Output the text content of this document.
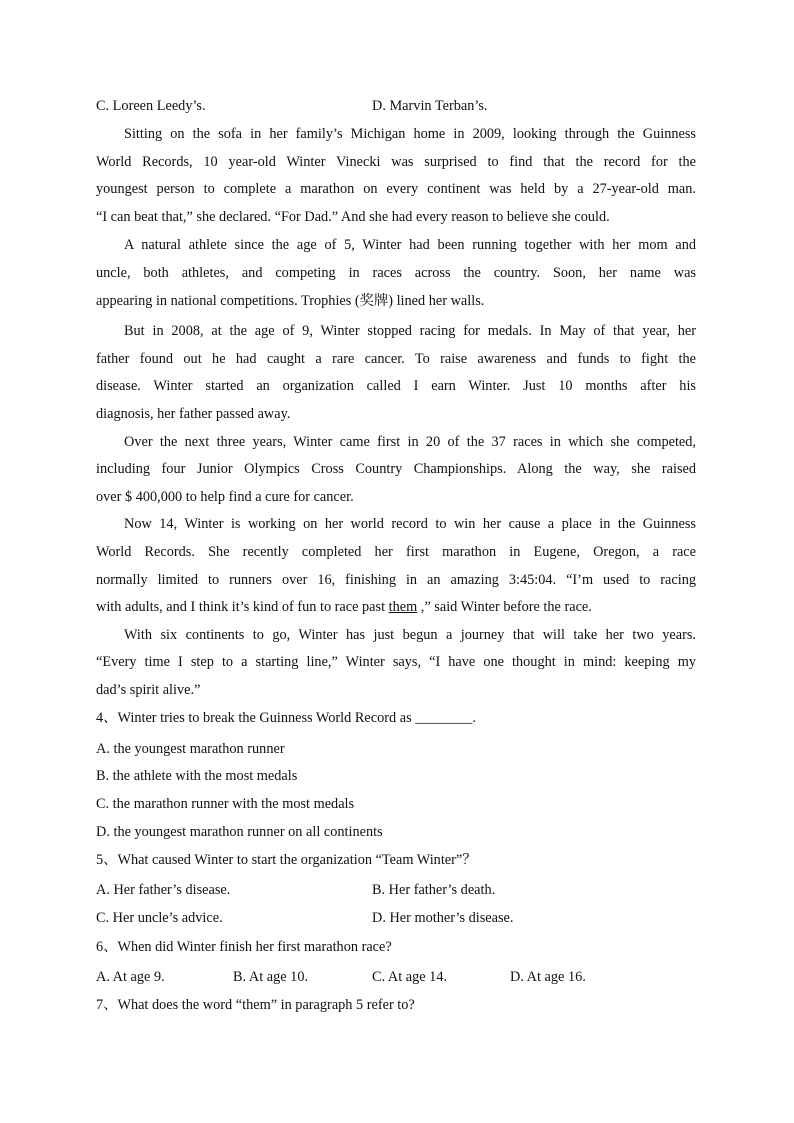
C. Loreen Leedy’s.	D. Marvin Terban’s.
Sitting on the sofa in her family’s Michigan home in 2009, looking through the Guinness
World Records, 10 year-old Winter Vinecki was surprised to find that the record for the
youngest person to complete a marathon on every continent was held by a 27-year-old man.
“I can beat that,” she declared. “For Dad.” And she had every reason to believe she could.
A natural athlete since the age of 5, Winter had been running together with her mom and
uncle, both athletes, and competing in races across the country. Soon, her name was
appearing in national competitions. Trophies (奖牌) lined her walls.
But in 2008, at the age of 9, Winter stopped racing for medals. In May of that year, her
father found out he had caught a rare cancer. To raise awareness and funds to fight the
disease. Winter started an organization called I earn Winter. Just 10 months after his
diagnosis, her father passed away.
Over the next three years, Winter came first in 20 of the 37 races in which she competed,
including four Junior Olympics Cross Country Championships. Along the way, she raised
over $ 400,000 to help find a cure for cancer.
Now 14, Winter is working on her world record to win her cause a place in the Guinness
World Records. She recently completed her first marathon in Eugene, Oregon, a race
normally limited to runners over 16, finishing in an amazing 3:45:04. “I’m used to racing
with adults, and I think it’s kind of fun to race past them ,” said Winter before the race.
With six continents to go, Winter has just begun a journey that will take her two years.
“Every time I step to a starting line,” Winter says, “I have one thought in mind: keeping my
dad’s spirit alive.”
4、Winter tries to break the Guinness World Record as ________.
A. the youngest marathon runner
B. the athlete with the most medals
C. the marathon runner with the most medals
D. the youngest marathon runner on all continents
5、What caused Winter to start the organization “Team Winter”？
A. Her father’s disease.	B. Her father’s death.
C. Her uncle’s advice.	D. Her mother’s disease.
6、When did Winter finish her first marathon race?
A. At age 9.	B. At age 10.	C. At age 14.	D. At age 16.
7、What does the word “them” in paragraph 5 refer to?
